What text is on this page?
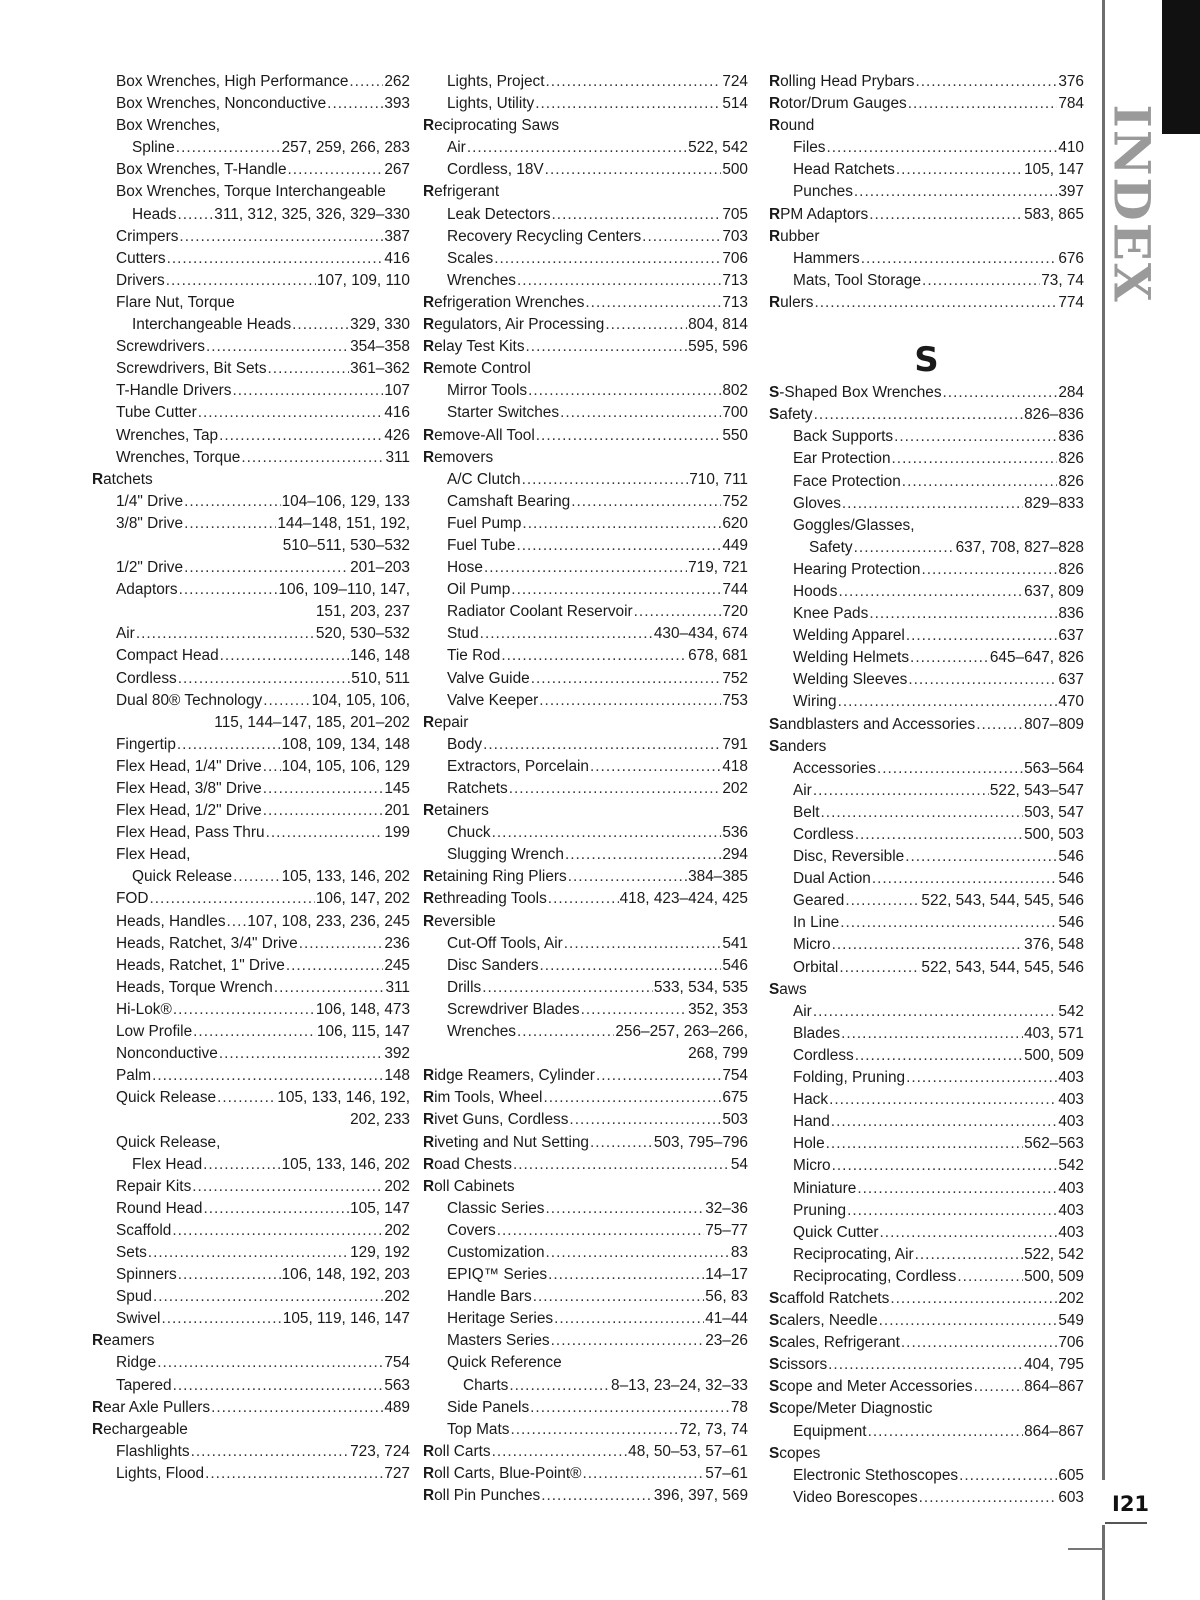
Box Wrenches, High Performance ..... 262
Box Wrenches, Nonconductive .....	393
Box Wrenches,
Spline .....	257, 259, 266, 283
Box Wrenches, T-Handle .....	267
Box Wrenches, Torque Interchangeable
Heads ..... 311, 312, 325, 326, 329–330
Crimpers .....	387
Cutters .....	416
Drivers .....	107, 109, 110
Flare Nut, Torque
Interchangeable Heads .....	329, 330
Screwdrivers .....	354–358
Screwdrivers, Bit Sets .....	361–362
T-Handle Drivers .....	107
Tube Cutter .....	416
Wrenches, Tap .....	426
Wrenches, Torque .....	311
Ratchets
1/4" Drive .....	104–106, 129, 133
3/8" Drive .....	144–148, 151, 192,
510–511, 530–532
1/2" Drive .....	201–203
Adaptors .....	106, 109–110, 147,
151, 203, 237
Air .....	520, 530–532
Compact Head .....	146, 148
Cordless .....	510, 511
Dual 80® Technology .....	104, 105, 106,
115, 144–147, 185, 201–202
Fingertip .....	108, 109, 134, 148
Flex Head, 1/4" Drive ..... 104, 105, 106, 129
Flex Head, 3/8" Drive .....	145
Flex Head, 1/2" Drive .....	201
Flex Head, Pass Thru .....	199
Flex Head,
Quick Release .....	105, 133, 146, 202
FOD .....	106, 147, 202
Heads, Handles ..... 107, 108, 233, 236, 245
Heads, Ratchet, 3/4" Drive .....	236
Heads, Ratchet, 1" Drive .....	245
Heads, Torque Wrench .....	311
Hi-Lok® .....	106, 148, 473
Low Profile .....	106, 115, 147
Nonconductive .....	392
Palm .....	148
Quick Release .....	105, 133, 146, 192,
202, 233
Quick Release,
Flex Head .....	105, 133, 146, 202
Repair Kits .....	202
Round Head .....	105, 147
Scaffold .....	202
Sets .....	129, 192
Spinners .....	106, 148, 192, 203
Spud .....	202
Swivel .....	105, 119, 146, 147
Reamers
Ridge .....	754
Tapered .....	563
Rear Axle Pullers .....	489
Rechargeable
Flashlights .....	723, 724
Lights, Flood .....	727
Lights, Project .....	724
Lights, Utility .....	514
Reciprocating Saws
Air .....	522, 542
Cordless, 18V .....	500
Refrigerant
Leak Detectors .....	705
Recovery Recycling Centers .....	703
Scales .....	706
Wrenches .....	713
Refrigeration Wrenches .....	713
Regulators, Air Processing .....	804, 814
Relay Test Kits .....	595, 596
Remote Control
Mirror Tools .....	802
Starter Switches .....	700
Remove-All Tool .....	550
Removers
A/C Clutch .....	710, 711
Camshaft Bearing .....	752
Fuel Pump .....	620
Fuel Tube .....	449
Hose .....	719, 721
Oil Pump .....	744
Radiator Coolant Reservoir .....	720
Stud .....	430–434, 674
Tie Rod .....	678, 681
Valve Guide .....	752
Valve Keeper .....	753
Repair
Body .....	791
Extractors, Porcelain .....	418
Ratchets .....	202
Retainers
Chuck .....	536
Slugging Wrench .....	294
Retaining Ring Pliers .....	384–385
Rethreading Tools .....	418, 423–424, 425
Reversible
Cut-Off Tools, Air .....	541
Disc Sanders .....	546
Drills .....	533, 534, 535
Screwdriver Blades .....	352, 353
Wrenches .....	256–257, 263–266,
268, 799
Ridge Reamers, Cylinder .....	754
Rim Tools, Wheel .....	675
Rivet Guns, Cordless .....	503
Riveting and Nut Setting .....	503, 795–796
Road Chests .....	54
Roll Cabinets
Classic Series .....	32–36
Covers .....	75–77
Customization .....	83
EPIQ™ Series .....	14–17
Handle Bars .....	56, 83
Heritage Series .....	41–44
Masters Series .....	23–26
Quick Reference
Charts .....	8–13, 23–24, 32–33
Side Panels .....	78
Top Mats .....	72, 73, 74
Roll Carts .....	48, 50–53, 57–61
Roll Carts, Blue-Point® .....	57–61
Roll Pin Punches .....	396, 397, 569
Rolling Head Prybars .....	376
Rotor/Drum Gauges .....	784
Round
Files .....	410
Head Ratchets .....	105, 147
Punches .....	397
RPM Adaptors .....	583, 865
Rubber
Hammers .....	676
Mats, Tool Storage .....	73, 74
Rulers .....	774
S
S-Shaped Box Wrenches .....	284
Safety .....	826–836
Back Supports .....	836
Ear Protection .....	826
Face Protection .....	826
Gloves .....	829–833
Goggles/Glasses,
Safety .....	637, 708, 827–828
Hearing Protection .....	826
Hoods .....	637, 809
Knee Pads .....	836
Welding Apparel .....	637
Welding Helmets .....	645–647, 826
Welding Sleeves .....	637
Wiring .....	470
Sandblasters and Accessories .....	807–809
Sanders
Accessories .....	563–564
Air .....	522, 543–547
Belt .....	503, 547
Cordless .....	500, 503
Disc, Reversible .....	546
Dual Action .....	546
Geared .....	522, 543, 544, 545, 546
In Line .....	546
Micro .....	376, 548
Orbital .....	522, 543, 544, 545, 546
Saws
Air .....	542
Blades .....	403, 571
Cordless .....	500, 509
Folding, Pruning .....	403
Hack .....	403
Hand .....	403
Hole .....	562–563
Micro .....	542
Miniature .....	403
Pruning .....	403
Quick Cutter .....	403
Reciprocating, Air .....	522, 542
Reciprocating, Cordless .....	500, 509
Scaffold Ratchets .....	202
Scalers, Needle .....	549
Scales, Refrigerant .....	706
Scissors .....	404, 795
Scope and Meter Accessories .....	864–867
Scope/Meter Diagnostic
Equipment .....	864–867
Scopes
Electronic Stethoscopes .....	605
Video Borescopes .....	603
INDEX
I21
